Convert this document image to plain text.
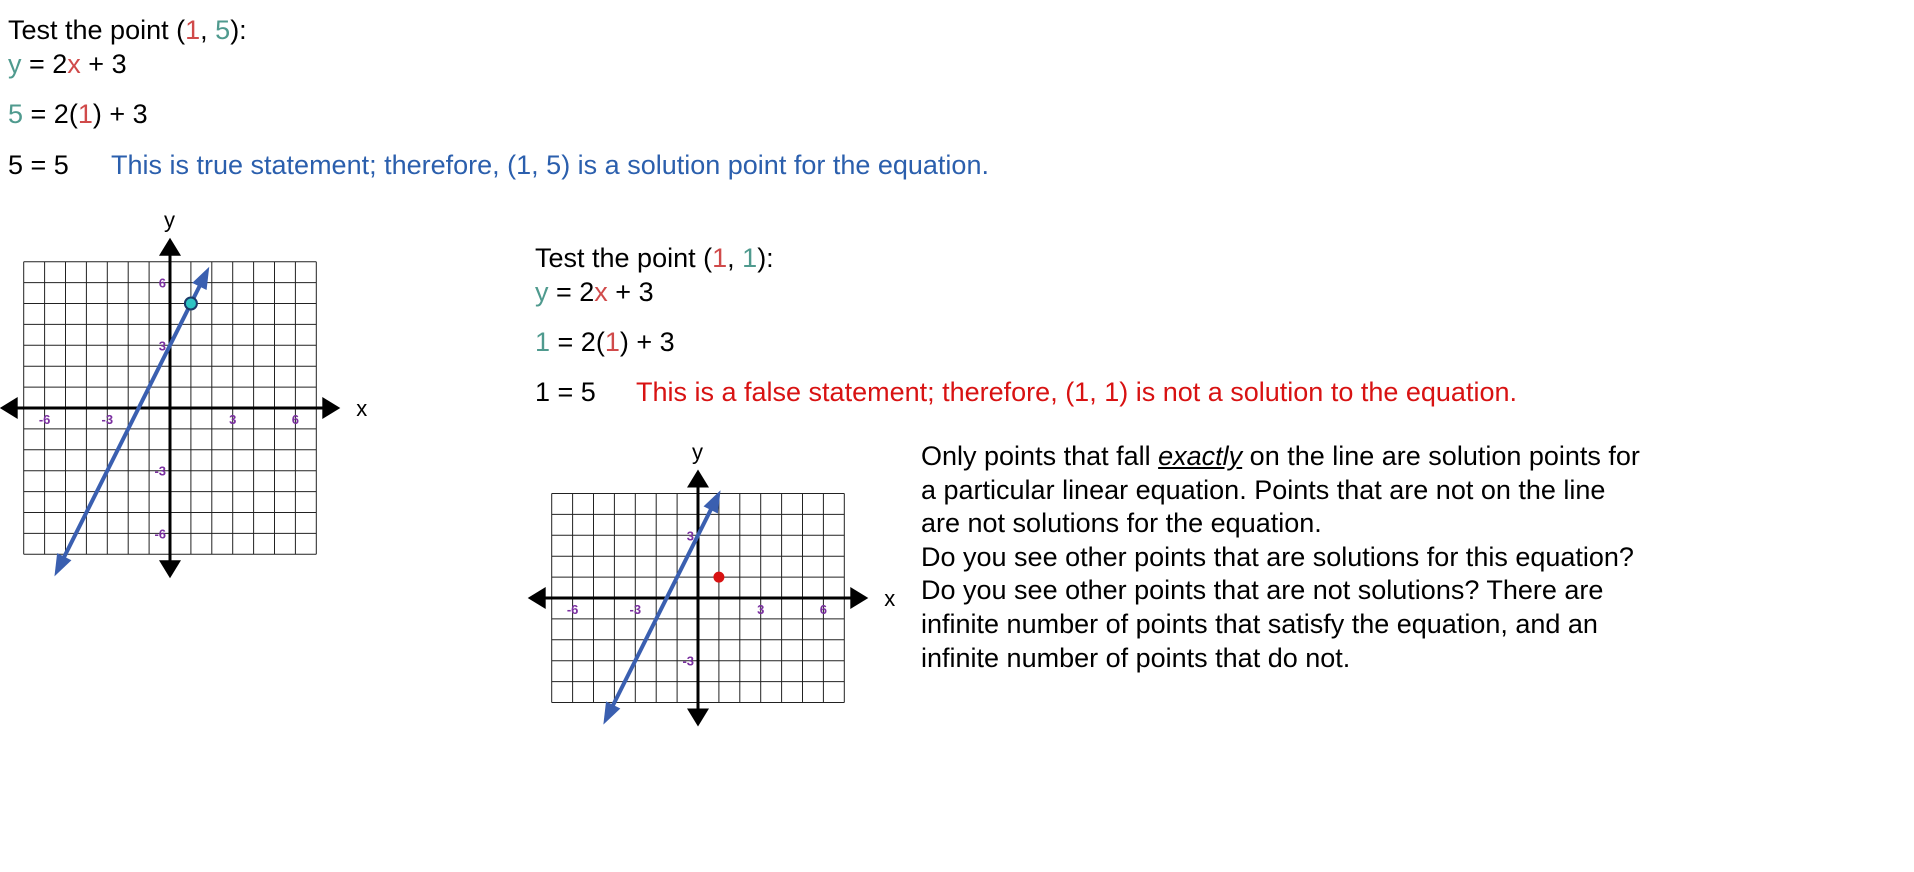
Test the point (1, 5):
y = 2x + 3
5 = 2(1) + 3
5 = 5 This is true statement; therefore, (1, 5) is a solution point for the equation.
x
y
-6	-3	3	6
-6
-3
3
6
Test the point (1, 1):
y = 2x + 3
1 = 2(1) + 3
1 = 5 This is a false statement; therefore, (1, 1) is not a solution to the equation.
x
y
-6	-3	3	6
-3
3

Only points that fall exactly on the line are solution points for a particular linear equation. Points that are not on the line are not solutions for the equation.

Do you see other points that are solutions for this equation?

Do you see other points that are not solutions? There are infinite number of points that satisfy the equation, and an infinite number of points that do not.
